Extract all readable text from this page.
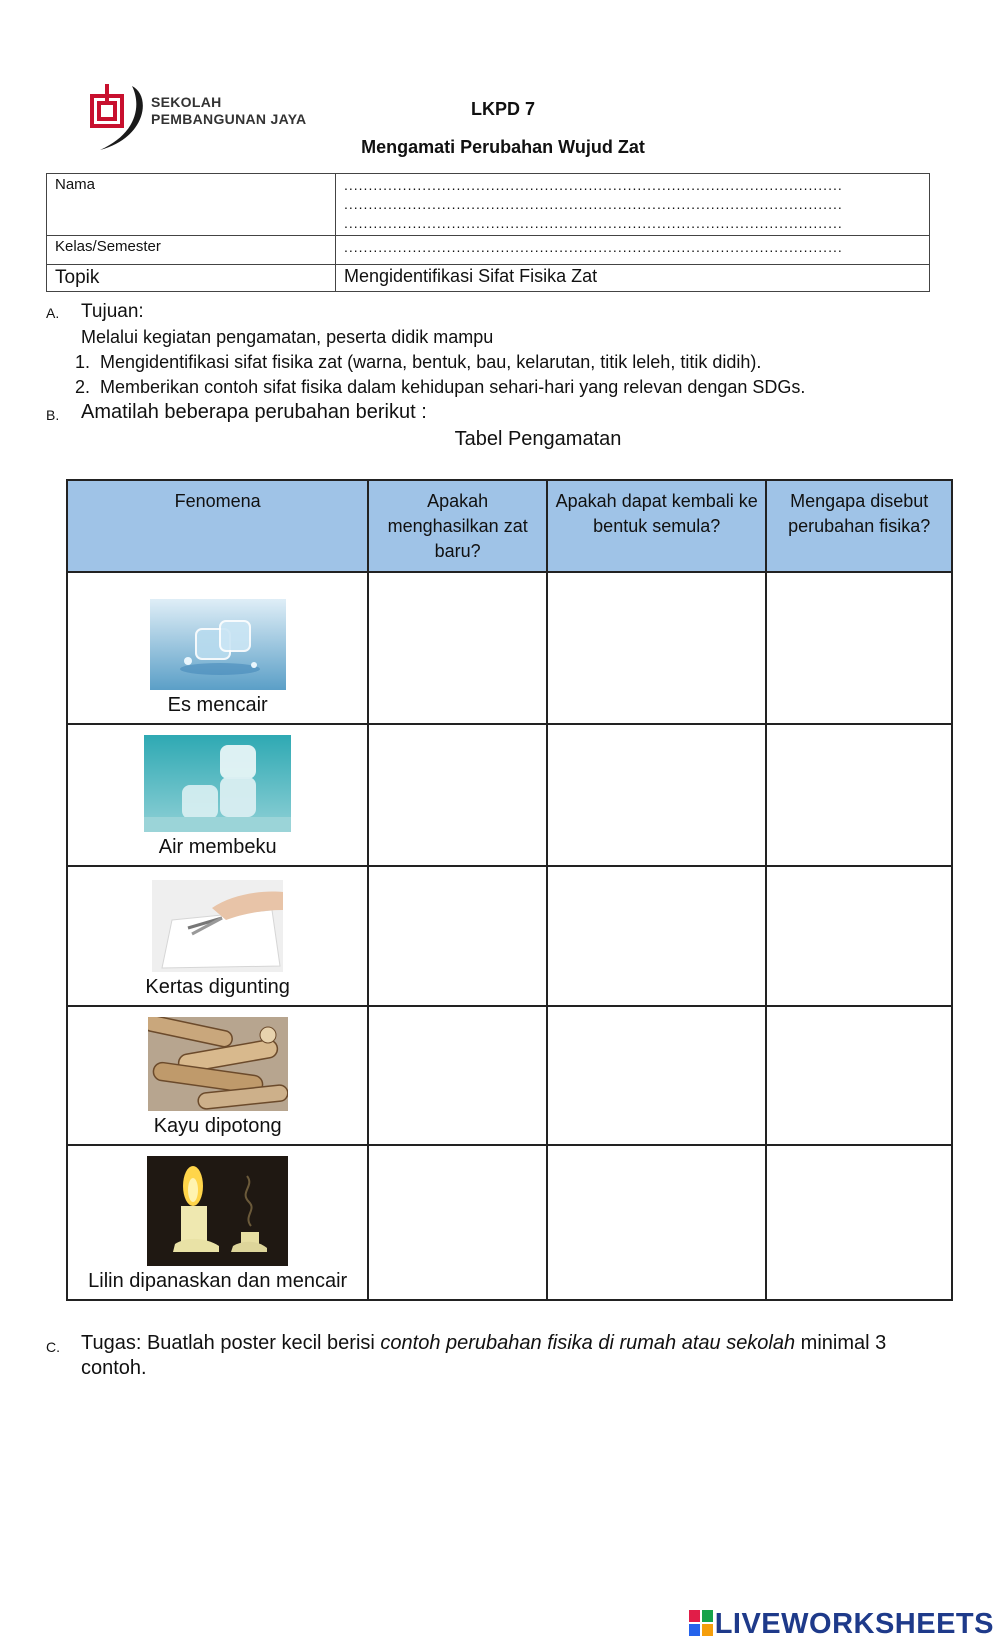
SEKOLAH
PEMBANGUNAN JAYA	LKPD 7
Mengamati Perubahan Wujud Zat
Nama	......................................................................................................
......................................................................................................
......................................................................................................

Kelas/Semester	......................................................................................................

Topik	Mengidentifikasi Sifat Fisika Zat
A. Tujuan:
Melalui kegiatan pengamatan, peserta didik mampu
1. Mengidentifikasi sifat fisika zat (warna, bentuk, bau, kelarutan, titik leleh, titik didih).
2. Memberikan contoh sifat fisika dalam kehidupan sehari-hari yang relevan dengan SDGs.
B. Amatilah beberapa perubahan berikut :
Tabel Pengamatan
Fenomena	Apakah menghasilkan zat baru?	Apakah dapat kembali ke bentuk semula?	Mengapa disebut perubahan fisika?

Es mencair			

Air membeku			

.
Kertas digunting			

Kayu dipotong			

Lilin dipanaskan dan mencair			
C. Tugas: Buatlah poster kecil berisi contoh perubahan fisika di rumah atau sekolah minimal 3
contoh.
LIVEWORKSHEETS
